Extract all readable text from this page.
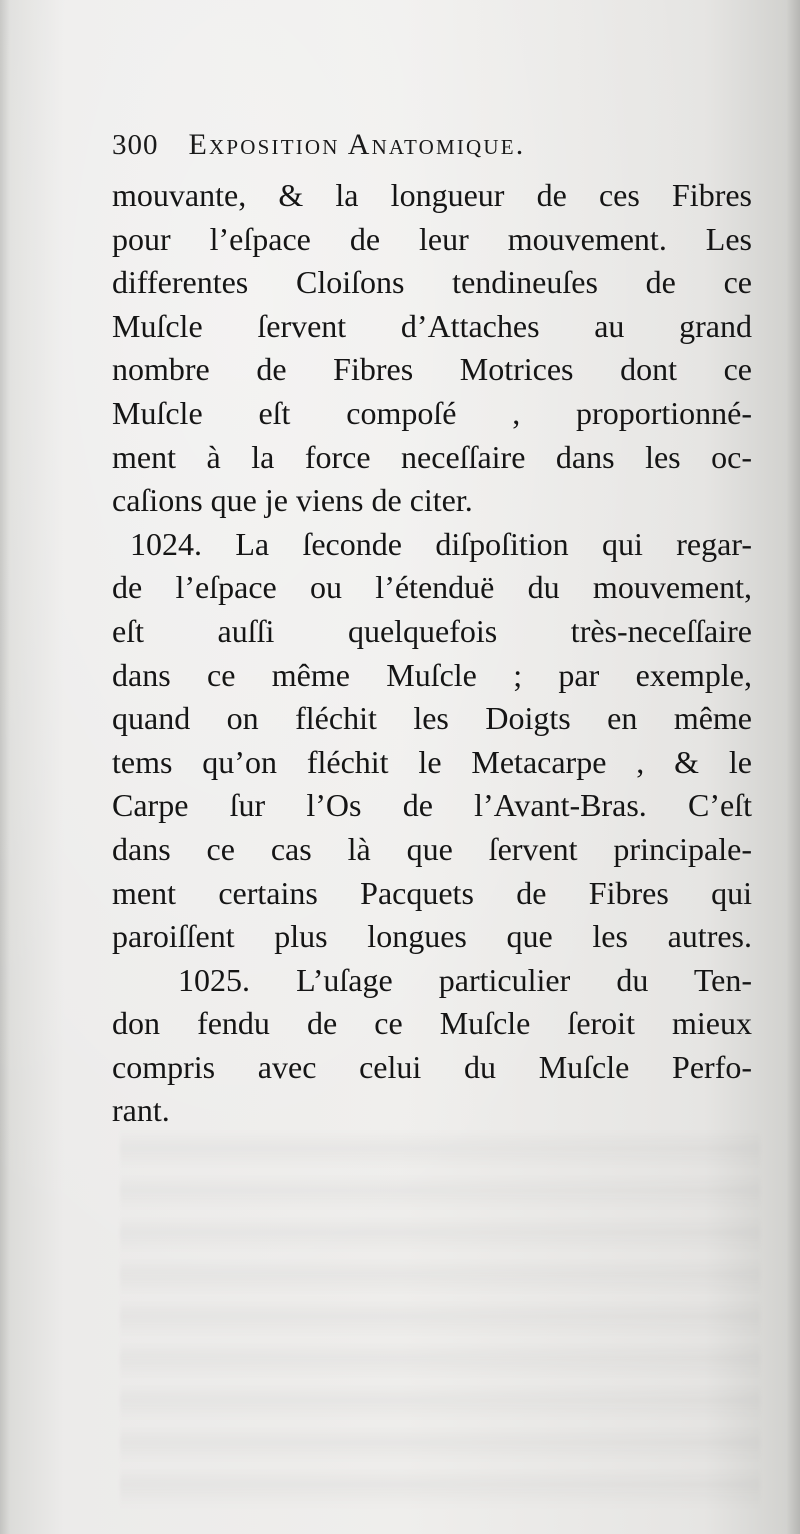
300 Exposition Anatomique.
mouvante, & la longueur de ces Fibres
pour l’eſpace de leur mouvement. Les
differentes Cloiſons tendineuſes de ce
Muſcle ſervent d’Attaches au grand
nombre de Fibres Motrices dont ce
Muſcle eſt compoſé , proportionné-
ment à la force neceſſaire dans les oc-
caſions que je viens de citer.
1024. La ſeconde diſpoſition qui regar-
de l’eſpace ou l’étenduë du mouvement,
eſt auſſi quelquefois très-neceſſaire
dans ce même Muſcle ; par exemple,
quand on fléchit les Doigts en même
tems qu’on fléchit le Metacarpe , & le
Carpe ſur l’Os de l’Avant-Bras. C’eſt
dans ce cas là que ſervent principale-
ment certains Pacquets de Fibres qui
paroiſſent plus longues que les autres.
1025. L’uſage particulier du Ten-
don fendu de ce Muſcle ſeroit mieux
compris avec celui du Muſcle Perfo-
rant.
